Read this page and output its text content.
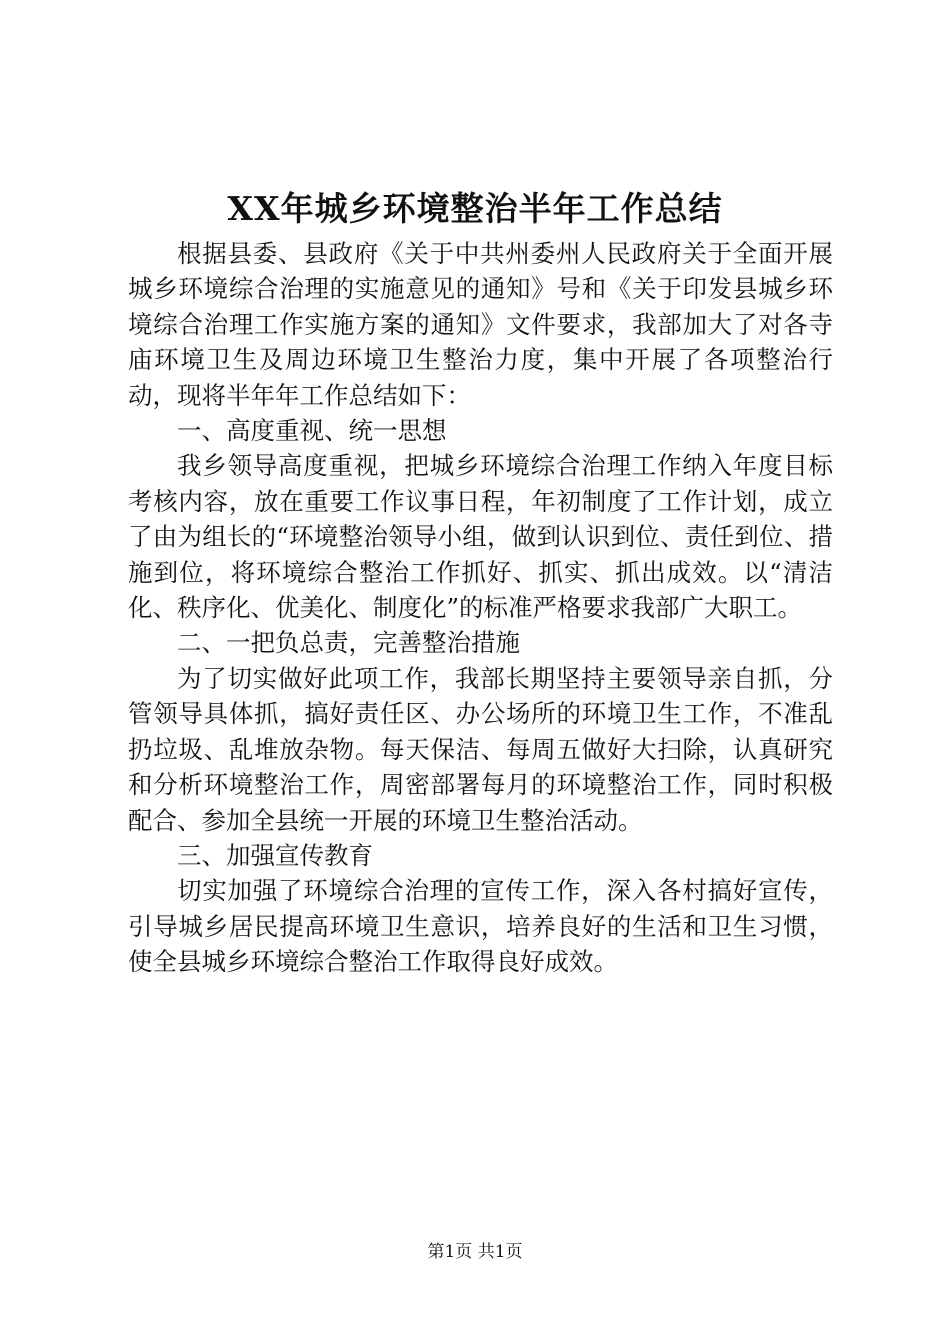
XX年城乡环境整治半年工作总结

根据县委、县政府《关于中共州委州人民政府关于全面开展城乡环境综合治理的实施意见的通知》号和《关于印发县城乡环境综合治理工作实施方案的通知》文件要求，我部加大了对各寺庙环境卫生及周边环境卫生整治力度，集中开展了各项整治行动，现将半年年工作总结如下：

一、高度重视、统一思想

我乡领导高度重视，把城乡环境综合治理工作纳入年度目标考核内容，放在重要工作议事日程，年初制度了工作计划，成立了由为组长的“环境整治领导小组，做到认识到位、责任到位、措施到位，将环境综合整治工作抓好、抓实、抓出成效。以“清洁化、秩序化、优美化、制度化”的标准严格要求我部广大职工。

二、一把负总责，完善整治措施

为了切实做好此项工作，我部长期坚持主要领导亲自抓，分管领导具体抓，搞好责任区、办公场所的环境卫生工作，不准乱扔垃圾、乱堆放杂物。每天保洁、每周五做好大扫除，认真研究和分析环境整治工作，周密部署每月的环境整治工作，同时积极配合、参加全县统一开展的环境卫生整治活动。

三、加强宣传教育

切实加强了环境综合治理的宣传工作，深入各村搞好宣传，引导城乡居民提高环境卫生意识，培养良好的生活和卫生习惯，使全县城乡环境综合整治工作取得良好成效。

第1页 共1页
